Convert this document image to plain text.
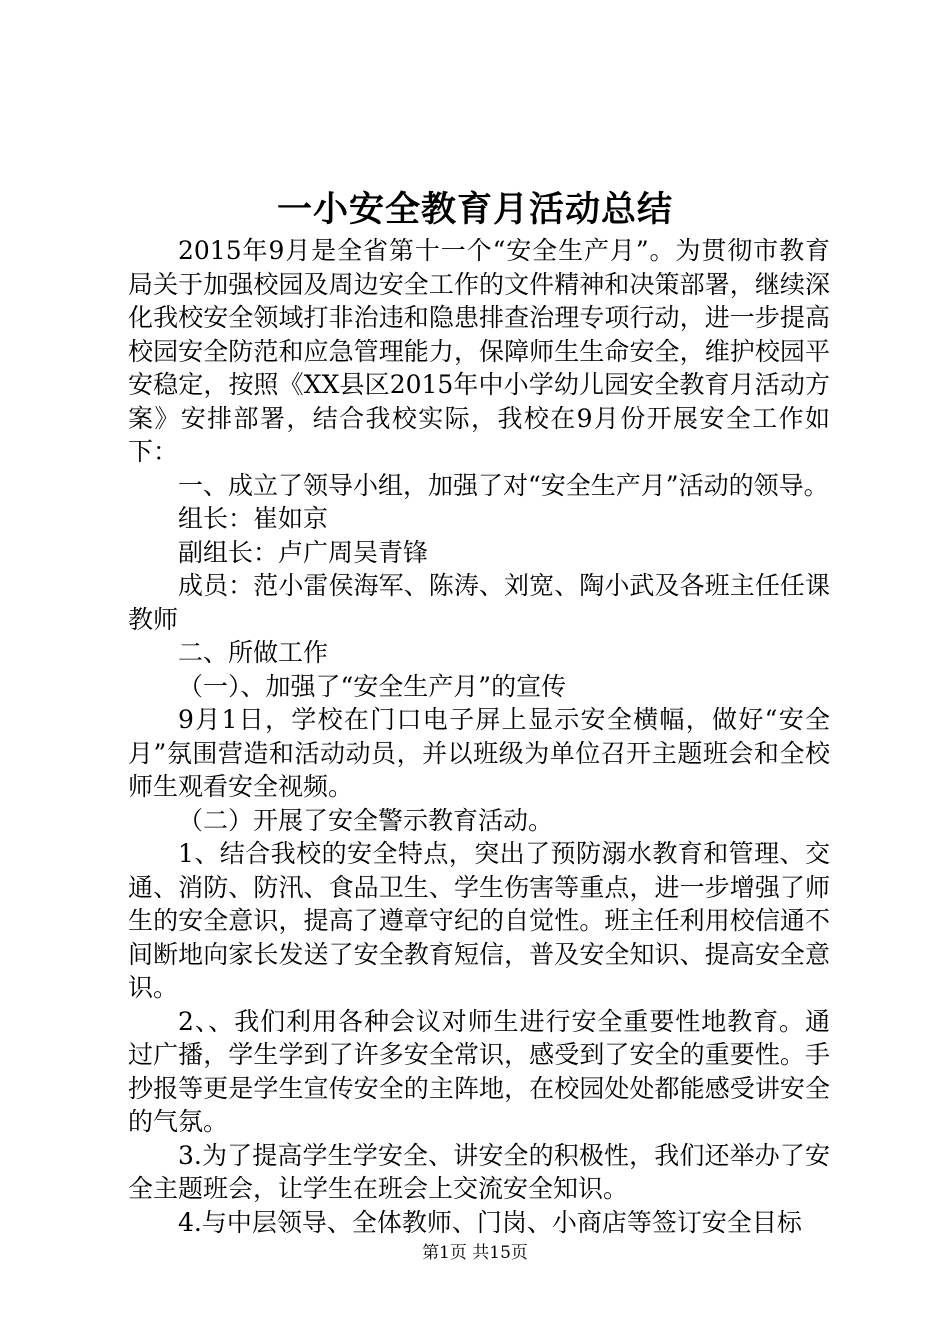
一小安全教育月活动总结

2015年9月是全省第十一个“安全生产月”。为贯彻市教育局关于加强校园及周边安全工作的文件精神和决策部署，继续深化我校安全领域打非治违和隐患排查治理专项行动，进一步提高校园安全防范和应急管理能力，保障师生生命安全，维护校园平安稳定，按照《XX县区2015年中小学幼儿园安全教育月活动方案》安排部署，结合我校实际，我校在9月份开展安全工作如下：

一、成立了领导小组，加强了对“安全生产月”活动的领导。

组长：崔如京

副组长：卢广周吴青锋

成员：范小雷侯海军、陈涛、刘宽、陶小武及各班主任任课教师

二、所做工作

（一）、加强了“安全生产月”的宣传

9月1日，学校在门口电子屏上显示安全横幅，做好“安全月”氛围营造和活动动员，并以班级为单位召开主题班会和全校师生观看安全视频。

（二）开展了安全警示教育活动。

1、结合我校的安全特点，突出了预防溺水教育和管理、交通、消防、防汛、食品卫生、学生伤害等重点，进一步增强了师生的安全意识，提高了遵章守纪的自觉性。班主任利用校信通不间断地向家长发送了安全教育短信，普及安全知识、提高安全意识。

2、、我们利用各种会议对师生进行安全重要性地教育。通过广播，学生学到了许多安全常识，感受到了安全的重要性。手抄报等更是学生宣传安全的主阵地，在校园处处都能感受讲安全的气氛。

3.为了提高学生学安全、讲安全的积极性，我们还举办了安全主题班会，让学生在班会上交流安全知识。

4.与中层领导、全体教师、门岗、小商店等签订安全目标

第1页 共15页
